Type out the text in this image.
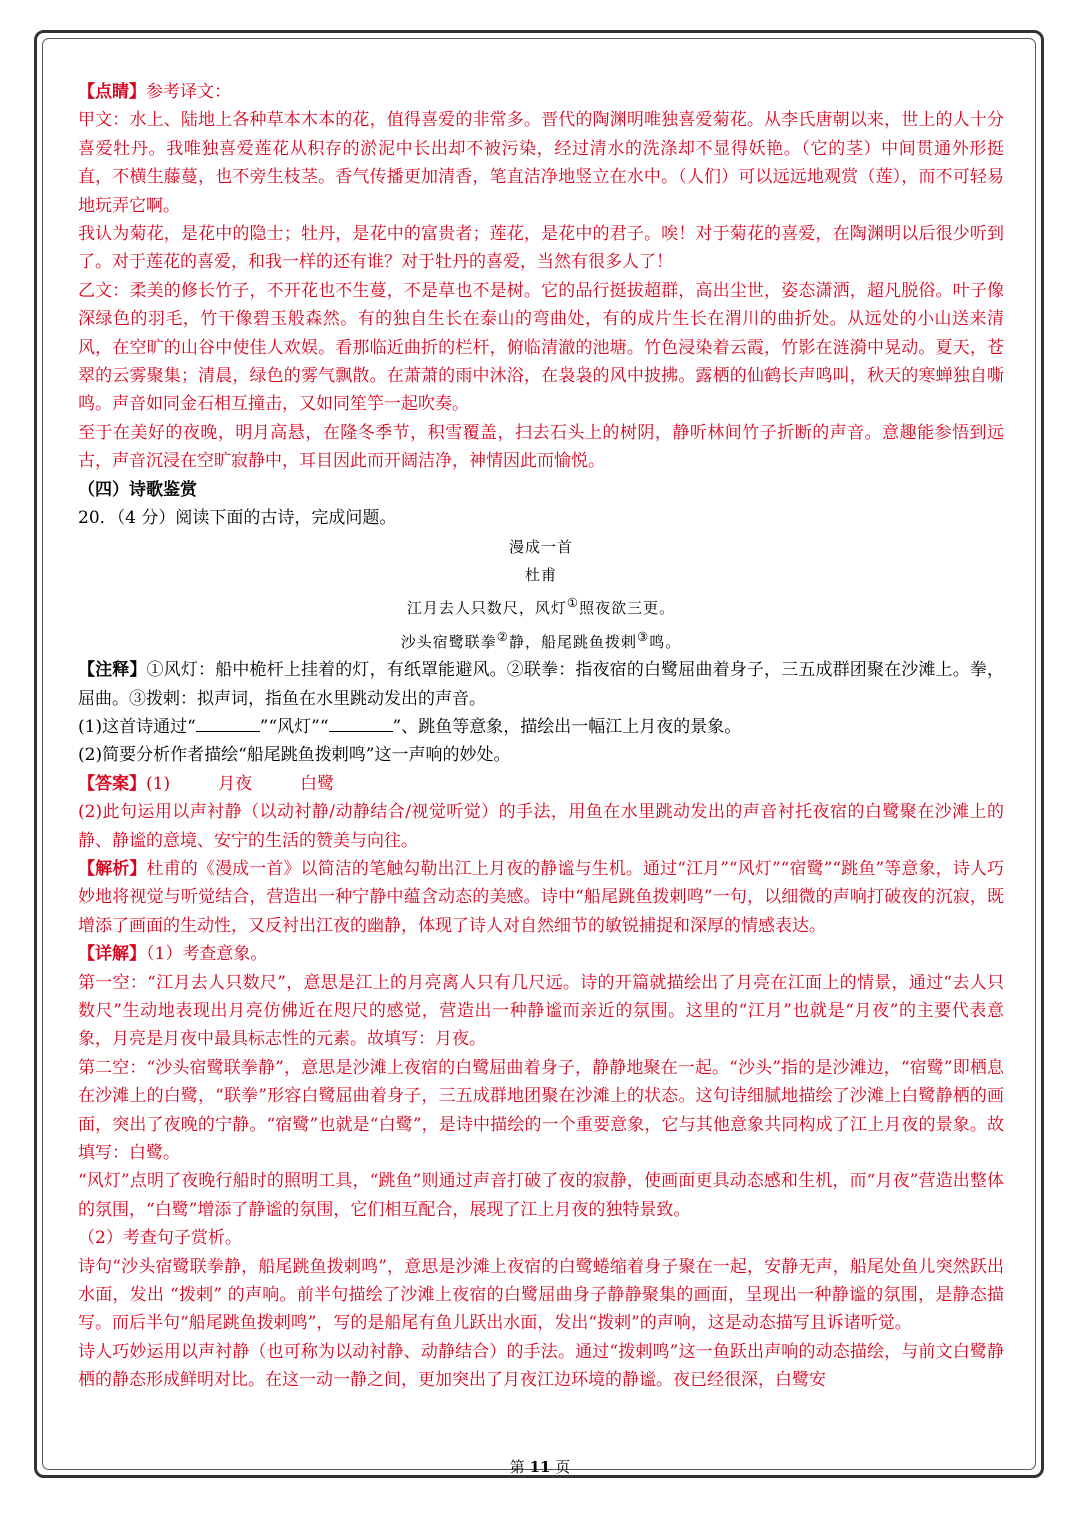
【点睛】参考译文：

甲文：水上、陆地上各种草本木本的花，值得喜爱的非常多。晋代的陶渊明唯独喜爱菊花。从李氏唐朝以来，世上的人十分喜爱牡丹。我唯独喜爱莲花从积存的淤泥中长出却不被污染，经过清水的洗涤却不显得妖艳。（它的茎）中间贯通外形挺直，不横生藤蔓，也不旁生枝茎。香气传播更加清香，笔直洁净地竖立在水中。（人们）可以远远地观赏（莲），而不可轻易地玩弄它啊。

我认为菊花，是花中的隐士；牡丹，是花中的富贵者；莲花，是花中的君子。唉！对于菊花的喜爱，在陶渊明以后很少听到了。对于莲花的喜爱，和我一样的还有谁？对于牡丹的喜爱，当然有很多人了！

乙文：柔美的修长竹子，不开花也不生蔓，不是草也不是树。它的品行挺拔超群，高出尘世，姿态潇洒，超凡脱俗。叶子像深绿色的羽毛，竹干像碧玉般森然。有的独自生长在泰山的弯曲处，有的成片生长在渭川的曲折处。从远处的小山送来清风，在空旷的山谷中使佳人欢娱。看那临近曲折的栏杆，俯临清澈的池塘。竹色浸染着云霞，竹影在涟漪中晃动。夏天，苍翠的云雾聚集；清晨，绿色的雾气飘散。在萧萧的雨中沐浴，在袅袅的风中披拂。露栖的仙鹤长声鸣叫，秋天的寒蝉独自嘶鸣。声音如同金石相互撞击，又如同笙竽一起吹奏。

至于在美好的夜晚，明月高悬，在隆冬季节，积雪覆盖，扫去石头上的树阴，静听林间竹子折断的声音。意趣能参悟到远古，声音沉浸在空旷寂静中，耳目因此而开阔洁净，神情因此而愉悦。

（四）诗歌鉴赏

20．（4 分）阅读下面的古诗，完成问题。

漫成一首

杜甫

江月去人只数尺，风灯①照夜欲三更。

沙头宿鹭联拳②静，船尾跳鱼拨剌③鸣。

【注释】①风灯：船中桅杆上挂着的灯，有纸罩能避风。②联拳：指夜宿的白鹭屈曲着身子，三五成群团聚在沙滩上。拳，屈曲。③拨剌：拟声词，指鱼在水里跳动发出的声音。

(1)这首诗通过“	”“风灯”“	”、跳鱼等意象，描绘出一幅江上月夜的景象。

(2)简要分析作者描绘“船尾跳鱼拨剌鸣”这一声响的妙处。

【答案】(1)	月夜	白鹭

(2)此句运用以声衬静（以动衬静/动静结合/视觉听觉）的手法，用鱼在水里跳动发出的声音衬托夜宿的白鹭聚在沙滩上的静、静谧的意境、安宁的生活的赞美与向往。

【解析】杜甫的《漫成一首》以简洁的笔触勾勒出江上月夜的静谧与生机。通过“江月”“风灯”“宿鹭”“跳鱼”等意象，诗人巧妙地将视觉与听觉结合，营造出一种宁静中蕴含动态的美感。诗中“船尾跳鱼拨剌鸣”一句，以细微的声响打破夜的沉寂，既增添了画面的生动性，又反衬出江夜的幽静，体现了诗人对自然细节的敏锐捕捉和深厚的情感表达。

【详解】（1）考查意象。

第一空：“江月去人只数尺”，意思是江上的月亮离人只有几尺远。诗的开篇就描绘出了月亮在江面上的情景，通过“去人只数尺”生动地表现出月亮仿佛近在咫尺的感觉，营造出一种静谧而亲近的氛围。这里的“江月”也就是“月夜”的主要代表意象，月亮是月夜中最具标志性的元素。故填写：月夜。

第二空：“沙头宿鹭联拳静”，意思是沙滩上夜宿的白鹭屈曲着身子，静静地聚在一起。“沙头”指的是沙滩边，“宿鹭”即栖息在沙滩上的白鹭，“联拳”形容白鹭屈曲着身子，三五成群地团聚在沙滩上的状态。这句诗细腻地描绘了沙滩上白鹭静栖的画面，突出了夜晚的宁静。“宿鹭”也就是“白鹭”，是诗中描绘的一个重要意象，它与其他意象共同构成了江上月夜的景象。故填写：白鹭。

“风灯”点明了夜晚行船时的照明工具，“跳鱼”则通过声音打破了夜的寂静，使画面更具动态感和生机，而“月夜”营造出整体的氛围，“白鹭”增添了静谧的氛围，它们相互配合，展现了江上月夜的独特景致。

（2）考查句子赏析。

诗句“沙头宿鹭联拳静，船尾跳鱼拨剌鸣”，意思是沙滩上夜宿的白鹭蜷缩着身子聚在一起，安静无声，船尾处鱼儿突然跃出水面，发出 “拨剌” 的声响。前半句描绘了沙滩上夜宿的白鹭屈曲身子静静聚集的画面，呈现出一种静谧的氛围，是静态描写。而后半句“船尾跳鱼拨剌鸣”，写的是船尾有鱼儿跃出水面，发出“拨剌”的声响，这是动态描写且诉诸听觉。

诗人巧妙运用以声衬静（也可称为以动衬静、动静结合）的手法。通过“拨剌鸣”这一鱼跃出声响的动态描绘，与前文白鹭静栖的静态形成鲜明对比。在这一动一静之间，更加突出了月夜江边环境的静谧。夜已经很深，白鹭安

第 11 页
